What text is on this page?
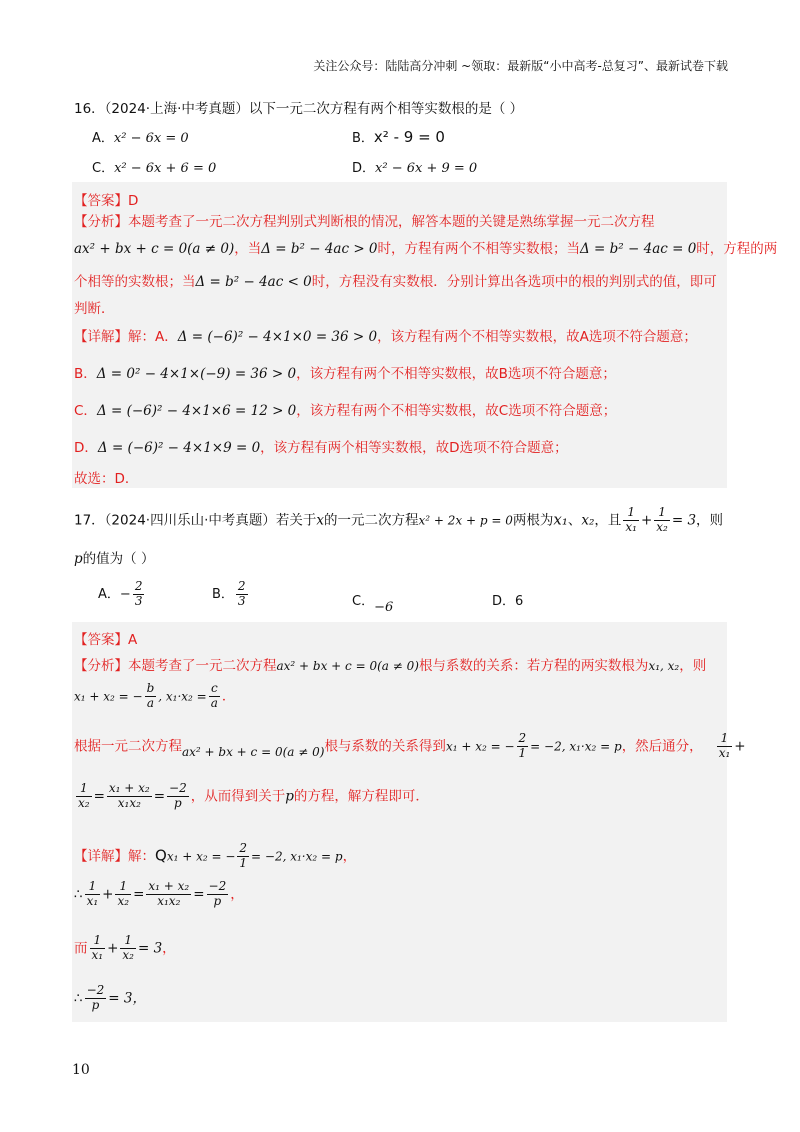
关注公众号：陆陆高分冲刺 ~领取：最新版“小中高考-总复习”、最新试卷下载
16．（2024·上海·中考真题）以下一元二次方程有两个相等实数根的是（ ）
A．x² − 6x = 0	B．x² - 9 = 0
C．x² − 6x + 6 = 0	D．x² − 6x + 9 = 0
【答案】D
【分析】本题考查了一元二次方程判别式判断根的情况，解答本题的关键是熟练掌握一元二次方程
ax² + bx + c = 0(a ≠ 0)，当Δ = b² − 4ac > 0时，方程有两个不相等实数根；当Δ = b² − 4ac = 0时，方程的两
个相等的实数根；当Δ = b² − 4ac < 0时，方程没有实数根．分别计算出各选项中的根的判别式的值，即可
判断．
【详解】解：A．Δ = (−6)² − 4×1×0 = 36 > 0，该方程有两个不相等实数根，故A选项不符合题意；
B．Δ = 0² − 4×1×(−9) = 36 > 0，该方程有两个不相等实数根，故B选项不符合题意；
C．Δ = (−6)² − 4×1×6 = 12 > 0，该方程有两个不相等实数根，故C选项不符合题意；
D．Δ = (−6)² − 4×1×9 = 0，该方程有两个相等实数根，故D选项不符合题意；
故选：D．
17．（2024·四川乐山·中考真题）若关于x的一元二次方程x² + 2x + p = 0两根为x₁、x₂，且 $\frac{1}{\text{x₁}} + \frac{1}{\text{x₂}} = 3$，则
p的值为（ ）
A．− $\frac{2}{3}$	B． $\frac{2}{3}$	C．−6	D．6
【答案】A
【分析】本题考查了一元二次方程ax² + bx + c = 0(a ≠ 0)根与系数的关系：若方程的两实数根为x₁, x₂，则
x₁ + x₂ = − $\frac{b}{a}$ , $x_1\cdot x_2 = \frac{c}{a}$ ．
根据一元二次方程ax² + bx + c = 0(a ≠ 0)根与系数的关系得到x₁ + x₂ = − $\frac{2}{1} = -2$, x₁·x₂ = p，然后通分， $\frac{1}{\text{x₁}}$ +
$\frac{1}{\text{x₂}} = \frac{\text{x₁ + x₂}}{\text{x₁x₂}} = \frac{-2}{p}$ ，从而得到关于p的方程，解方程即可．
【详解】解：Qx₁ + x₂ = − $\frac{2}{1} = -2$, x₁·x₂ = p，
∴ $\frac{1}{\text{x₁}} + \frac{1}{\text{x₂}} = \frac{\text{x₁ + x₂}}{\text{x₁x₂}} = \frac{-2}{p}$ ，
而 $\frac{1}{\text{x₁}} + \frac{1}{\text{x₂}} = 3$，
∴ $\frac{-2}{p} = 3$，
10
